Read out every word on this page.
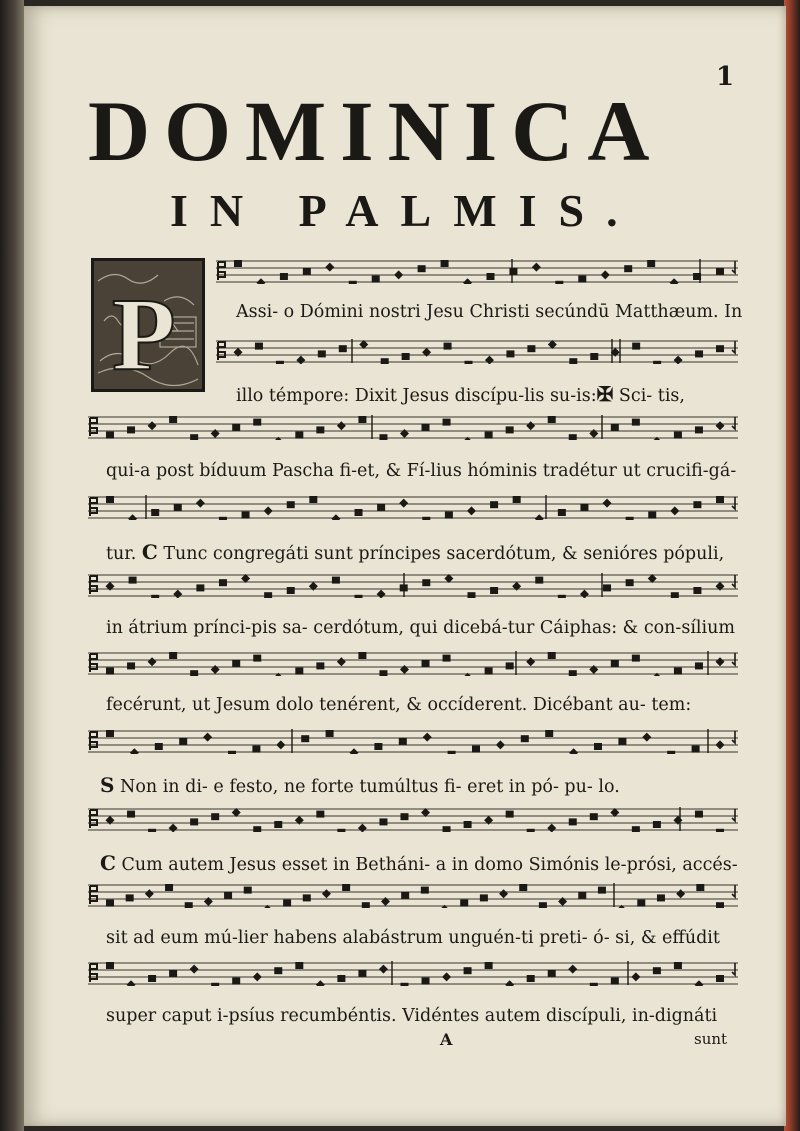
1
DOMINICA
IN PALMIS.
P	Assi- o Dómini nostri Jesu Christi secúndū Matthæum. In
illo témpore: Dixit Jesus discípu-lis su-is:✠ Sci- tis,
qui-a post bíduum Pascha fi-et, & Fí-lius hóminis tradétur ut crucifi-gá-
tur. C Tunc congregáti sunt príncipes sacerdótum, & senióres pópuli,
in átrium prínci-pis sa- cerdótum, qui dicebá-tur Cáiphas: & con-sílium
fecérunt, ut Jesum dolo tenérent, & occíderent. Dicébant au- tem:
S Non in di- e festo, ne forte tumúltus fi- eret in pó- pu- lo.
C Cum autem Jesus esset in Betháni- a in domo Simónis le-prósi, accés-
sit ad eum mú-lier habens alabástrum unguén-ti preti- ó- si, & effúdit
super caput i-psíus recumbéntis. Vidéntes autem discípuli, in-dignáti
A	sunt
